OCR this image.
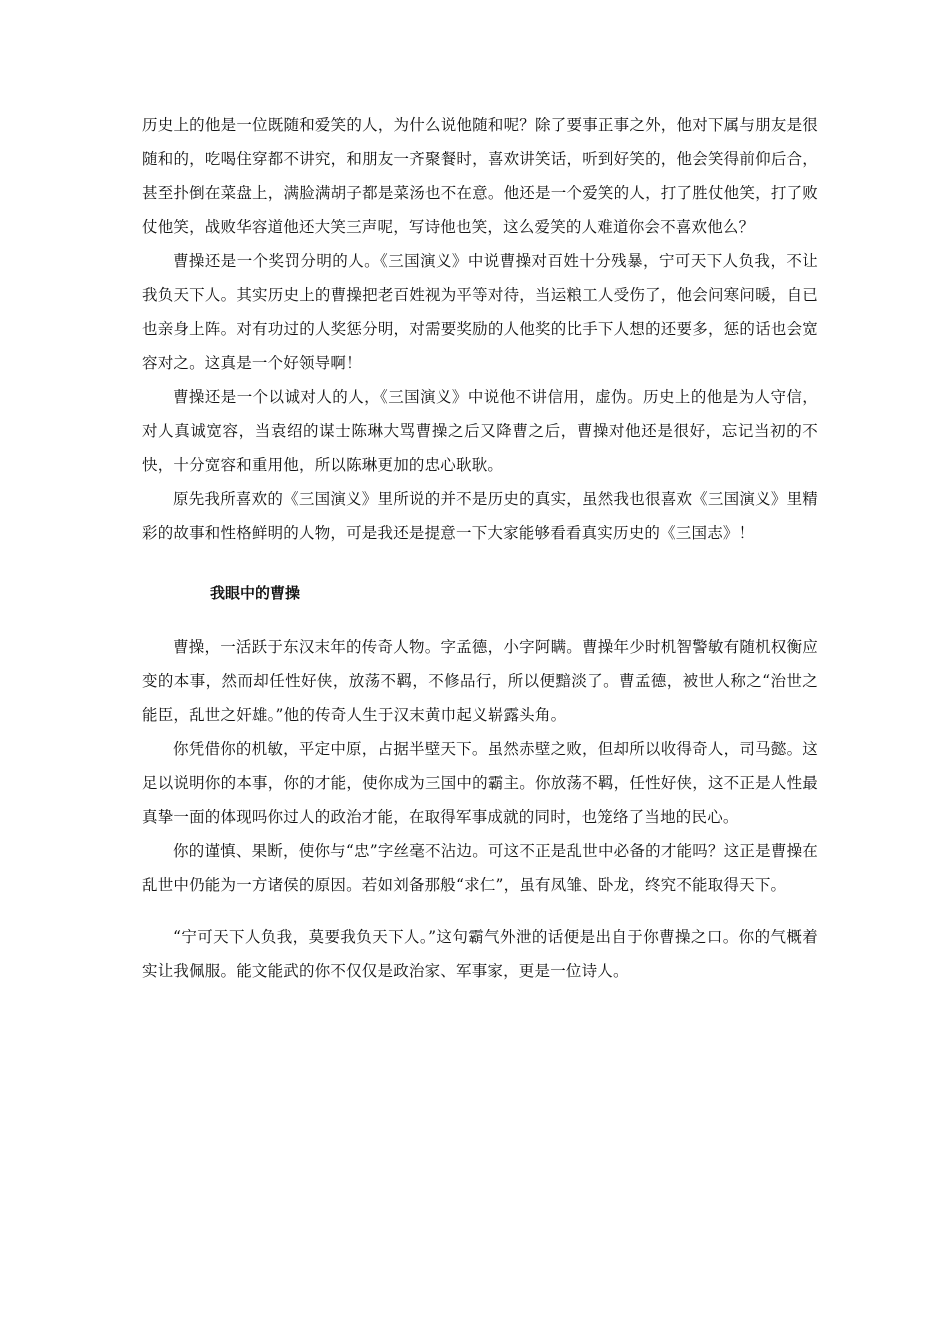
历史上的他是一位既随和爱笑的人，为什么说他随和呢？除了要事正事之外，他对下属与朋友是很随和的，吃喝住穿都不讲究，和朋友一齐聚餐时，喜欢讲笑话，听到好笑的，他会笑得前仰后合，甚至扑倒在菜盘上，满脸满胡子都是菜汤也不在意。他还是一个爱笑的人，打了胜仗他笑，打了败仗他笑，战败华容道他还大笑三声呢，写诗他也笑，这么爱笑的人难道你会不喜欢他么？

曹操还是一个奖罚分明的人。《三国演义》中说曹操对百姓十分残暴，宁可天下人负我，不让我负天下人。其实历史上的曹操把老百姓视为平等对待，当运粮工人受伤了，他会问寒问暖，自已也亲身上阵。对有功过的人奖惩分明，对需要奖励的人他奖的比手下人想的还要多，惩的话也会宽容对之。这真是一个好领导啊！

曹操还是一个以诚对人的人，《三国演义》中说他不讲信用，虚伪。历史上的他是为人守信，对人真诚宽容，当袁绍的谋士陈琳大骂曹操之后又降曹之后，曹操对他还是很好，忘记当初的不快，十分宽容和重用他，所以陈琳更加的忠心耿耿。

原先我所喜欢的《三国演义》里所说的并不是历史的真实，虽然我也很喜欢《三国演义》里精彩的故事和性格鲜明的人物，可是我还是提意一下大家能够看看真实历史的《三国志》！

我眼中的曹操

曹操，一活跃于东汉末年的传奇人物。字孟德，小字阿瞒。曹操年少时机智警敏有随机权衡应变的本事，然而却任性好侠，放荡不羁，不修品行，所以便黯淡了。曹孟德，被世人称之“治世之能臣，乱世之奸雄。”他的传奇人生于汉末黄巾起义崭露头角。

你凭借你的机敏，平定中原，占据半壁天下。虽然赤壁之败，但却所以收得奇人，司马懿。这足以说明你的本事，你的才能，使你成为三国中的霸主。你放荡不羁，任性好侠，这不正是人性最真挚一面的体现吗你过人的政治才能，在取得军事成就的同时，也笼络了当地的民心。

你的谨慎、果断，使你与“忠”字丝毫不沾边。可这不正是乱世中必备的才能吗？这正是曹操在乱世中仍能为一方诸侯的原因。若如刘备那般“求仁”，虽有凤雏、卧龙，终究不能取得天下。

“宁可天下人负我，莫要我负天下人。”这句霸气外泄的话便是出自于你曹操之口。你的气概着实让我佩服。能文能武的你不仅仅是政治家、军事家，更是一位诗人。
